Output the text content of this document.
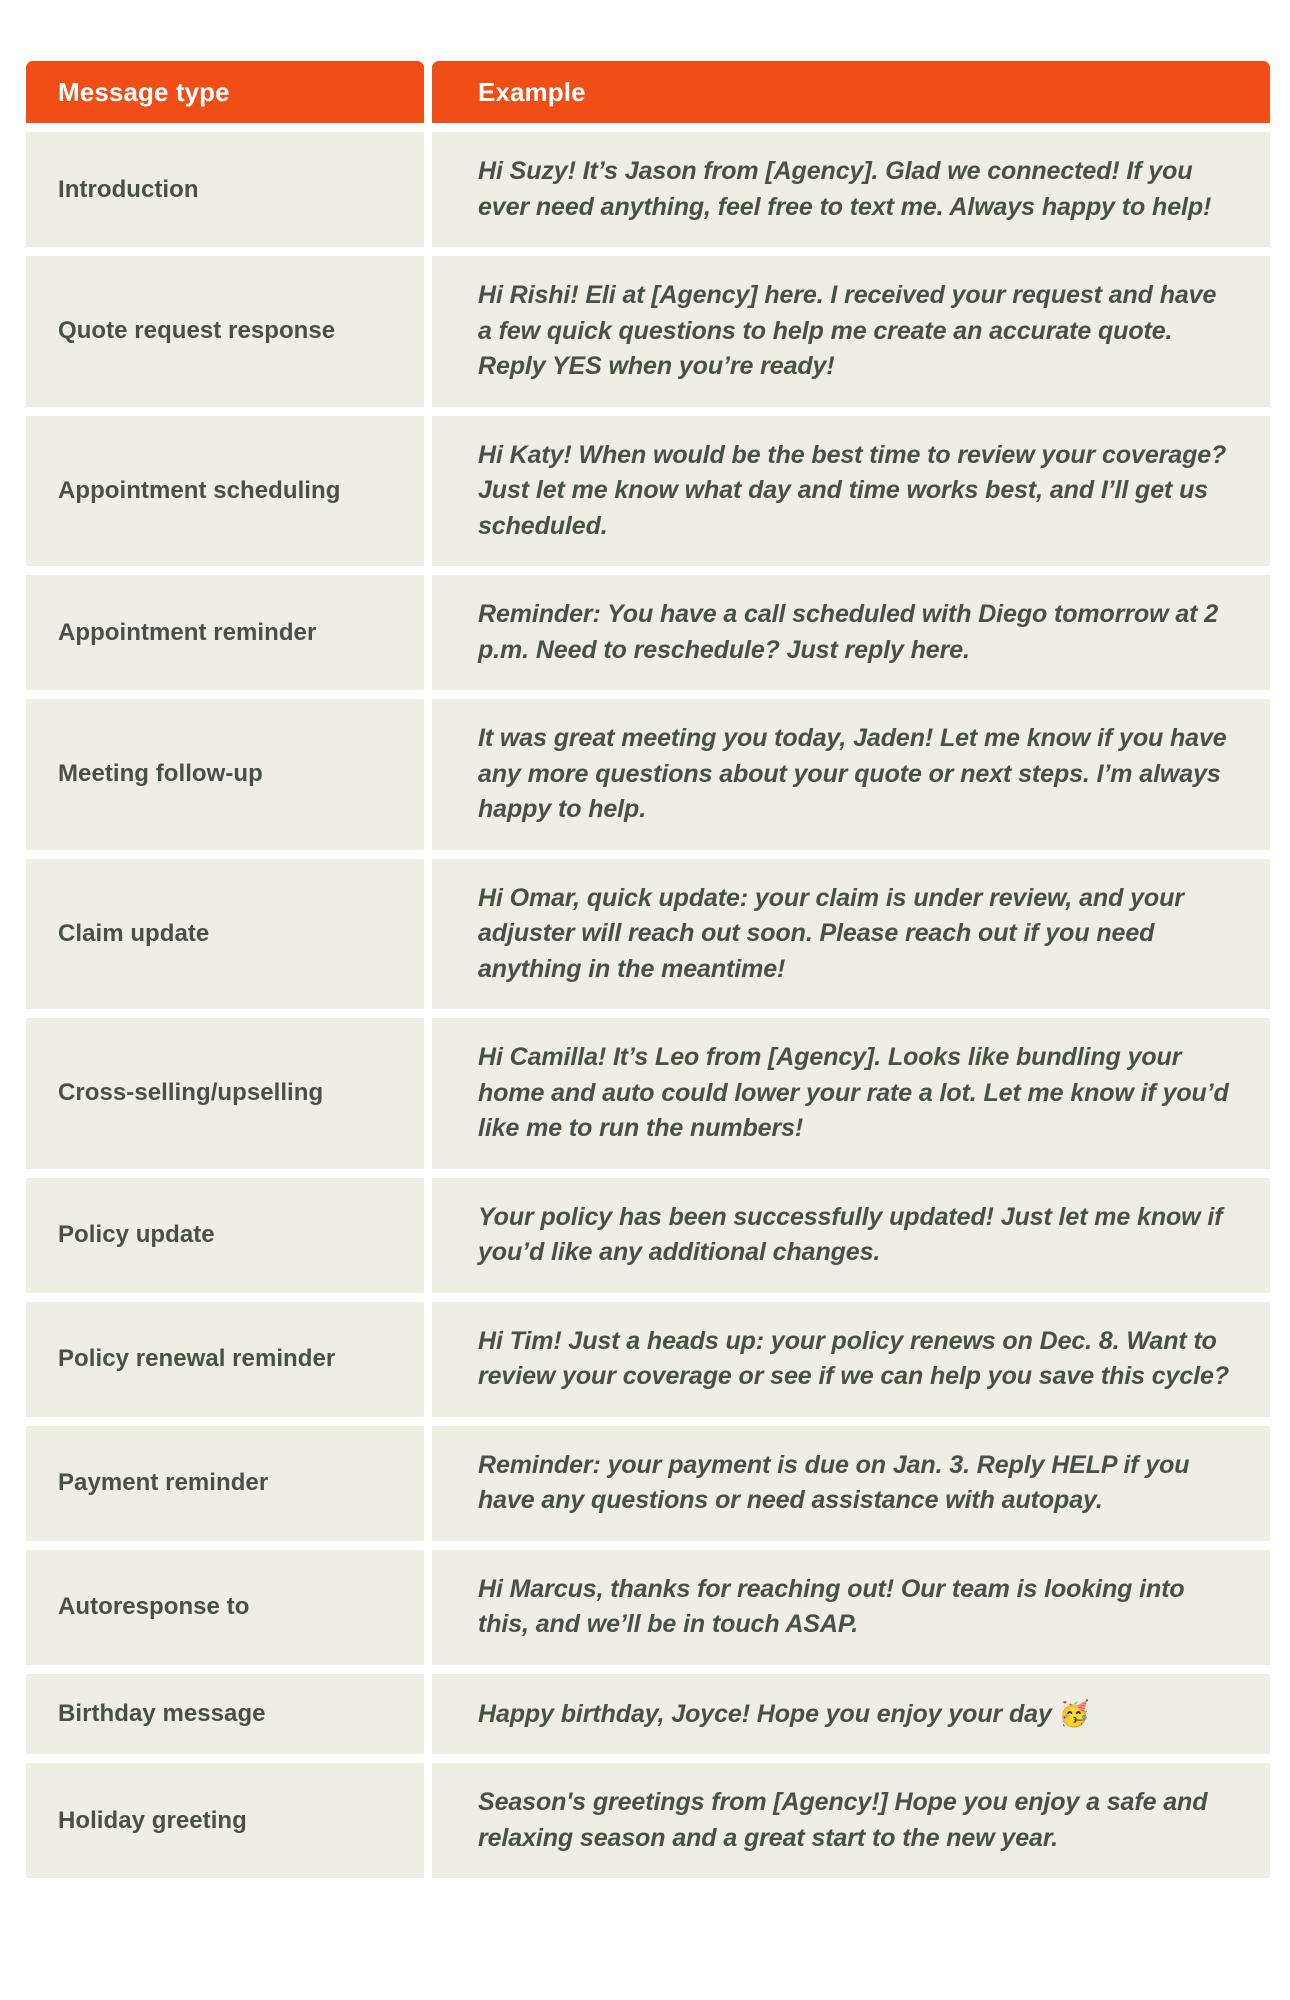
Message type	Example
Introduction	Hi Suzy! It’s Jason from [Agency]. Glad we connected! If you ever need anything, feel free to text me. Always happy to help!
Quote request response	Hi Rishi! Eli at [Agency] here. I received your request and have a few quick questions to help me create an accurate quote. Reply YES when you’re ready!
Appointment scheduling	Hi Katy! When would be the best time to review your coverage? Just let me know what day and time works best, and I’ll get us scheduled.
Appointment reminder	Reminder: You have a call scheduled with Diego tomorrow at 2 p.m. Need to reschedule? Just reply here.
Meeting follow-up	It was great meeting you today, Jaden! Let me know if you have any more questions about your quote or next steps. I’m always happy to help.
Claim update	Hi Omar, quick update: your claim is under review, and your adjuster will reach out soon. Please reach out if you need anything in the meantime!
Cross-selling/upselling	Hi Camilla! It’s Leo from [Agency]. Looks like bundling your home and auto could lower your rate a lot. Let me know if you’d like me to run the numbers!
Policy update	Your policy has been successfully updated! Just let me know if you’d like any additional changes.
Policy renewal reminder	Hi Tim! Just a heads up: your policy renews on Dec. 8. Want to review your coverage or see if we can help you save this cycle?
Payment reminder	Reminder: your payment is due on Jan. 3. Reply HELP if you have any questions or need assistance with autopay.
Autoresponse to	Hi Marcus, thanks for reaching out! Our team is looking into this, and we’ll be in touch ASAP.
Birthday message	Happy birthday, Joyce! Hope you enjoy your day 🥳
Holiday greeting	Season's greetings from [Agency!] Hope you enjoy a safe and relaxing season and a great start to the new year.
